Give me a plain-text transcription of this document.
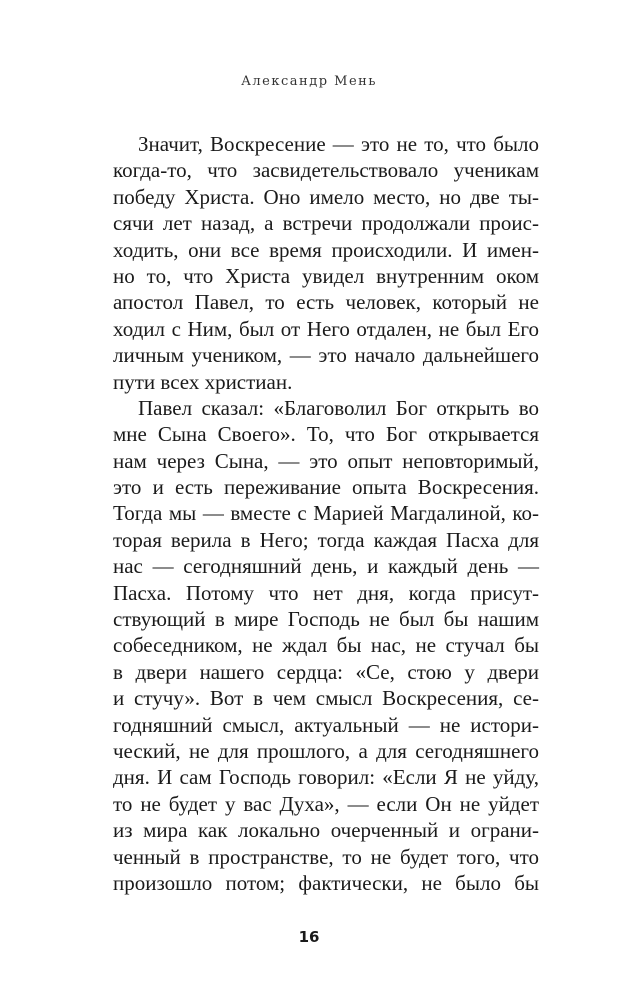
Александр Мень
Значит, Воскресение — это не то, что было
когда-то, что засвидетельствовало ученикам
победу Христа. Оно имело место, но две ты-
сячи лет назад, а встречи продолжали проис-
ходить, они все время происходили. И имен-
но то, что Христа увидел внутренним оком
апостол Павел, то есть человек, который не
ходил с Ним, был от Него отдален, не был Его
личным учеником, — это начало дальнейшего
пути всех христиан.
Павел сказал: «Благоволил Бог открыть во
мне Сына Своего». То, что Бог открывается
нам через Сына, — это опыт неповторимый,
это и есть переживание опыта Воскресения.
Тогда мы — вместе с Марией Магдалиной, ко-
торая верила в Него; тогда каждая Пасха для
нас — сегодняшний день, и каждый день —
Пасха. Потому что нет дня, когда присут-
ствующий в мире Господь не был бы нашим
собеседником, не ждал бы нас, не стучал бы
в двери нашего сердца: «Се, стою у двери
и стучу». Вот в чем смысл Воскресения, се-
годняшний смысл, актуальный — не истори-
ческий, не для прошлого, а для сегодняшнего
дня. И сам Господь говорил: «Если Я не уйду,
то не будет у вас Духа», — если Он не уйдет
из мира как локально очерченный и ограни-
ченный в пространстве, то не будет того, что
произошло потом; фактически, не было бы
16
